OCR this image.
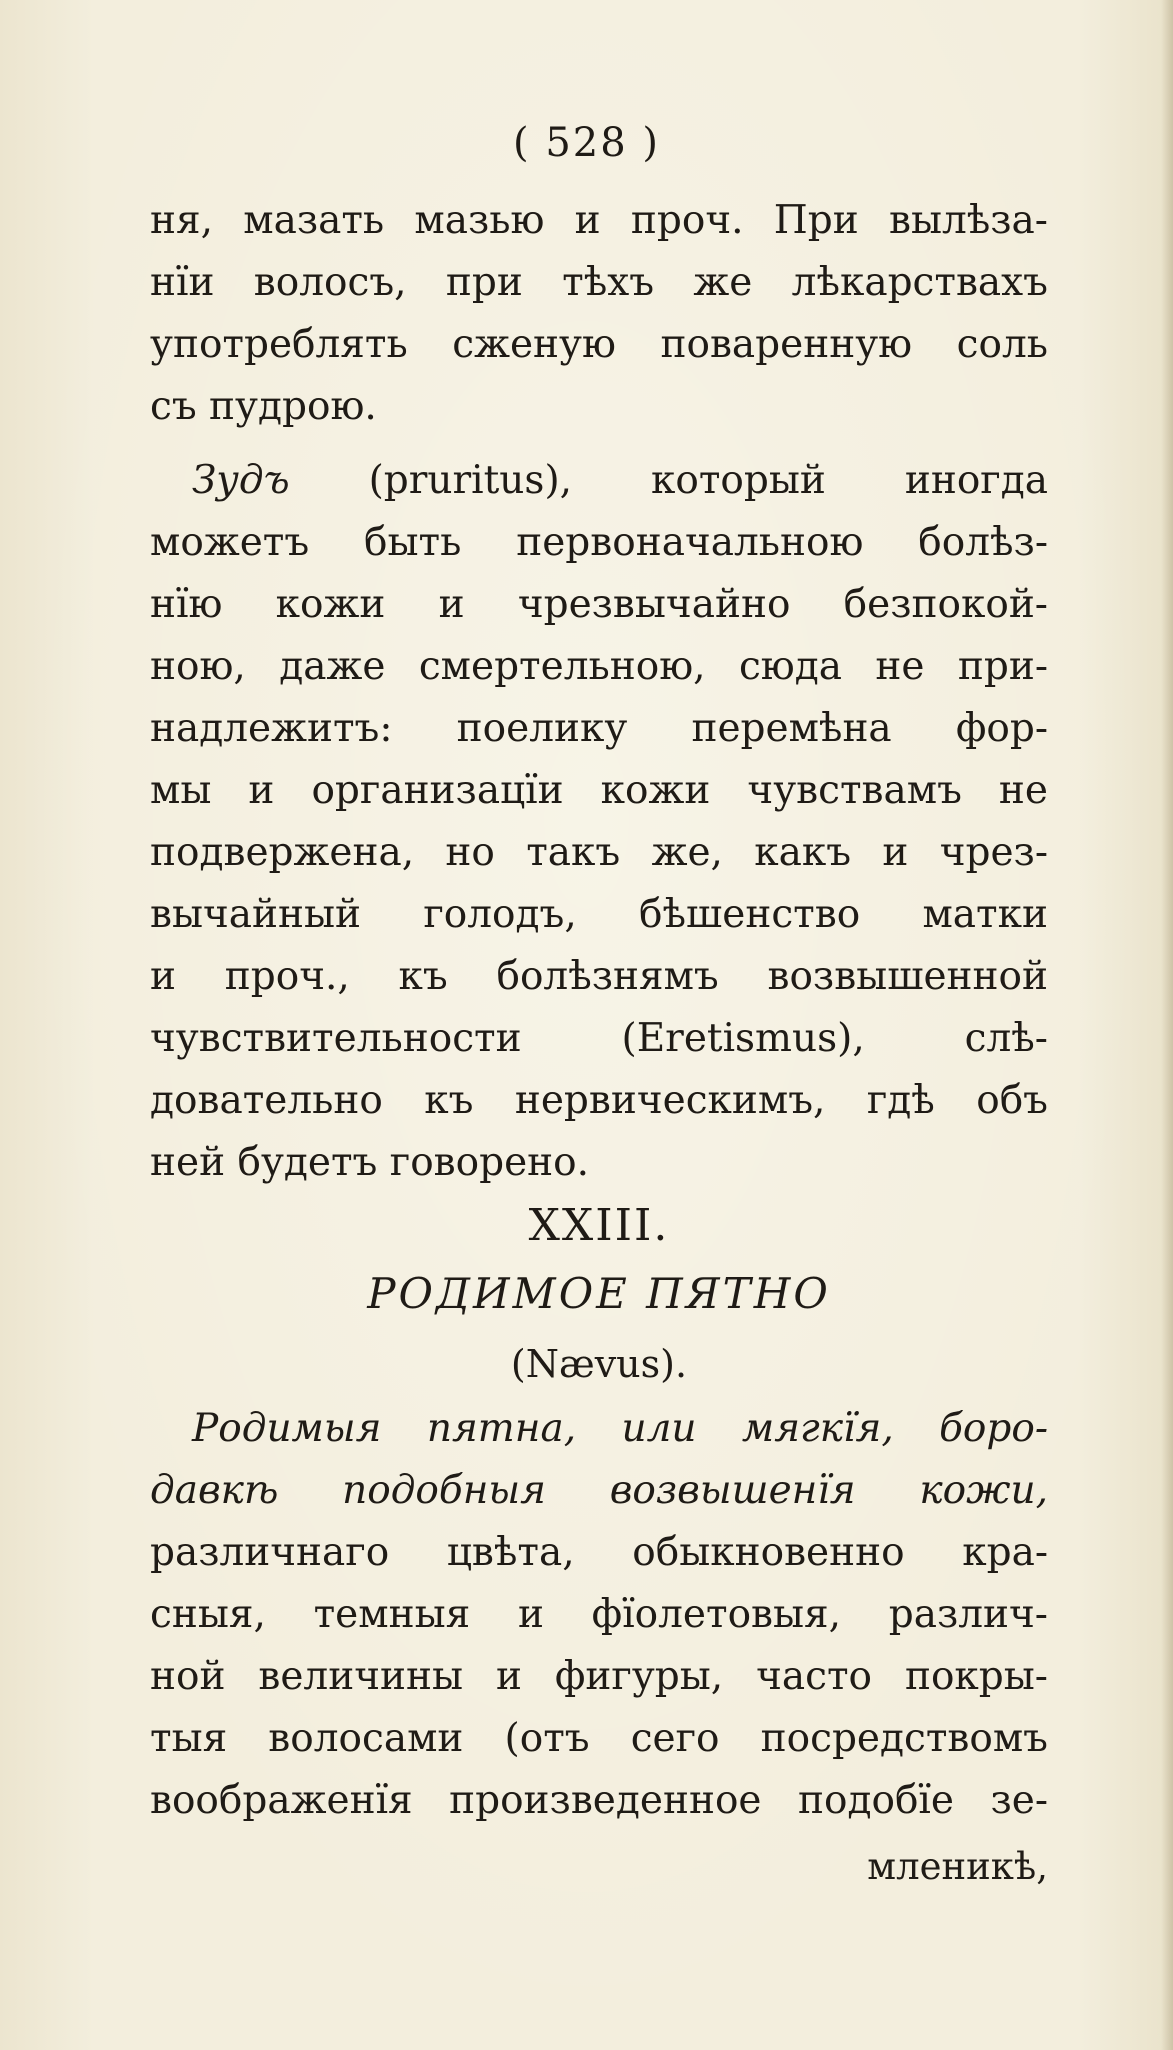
( 528 )
ня, мазать мазью и проч. При вылѣза-
нїи волосъ, при тѣхъ же лѣкарствахъ
употреблять сженую поваренную соль
съ пудрою.
Зудъ (pruritus), который иногда
можетъ быть первоначальною болѣз-
нїю кожи и чрезвычайно безпокой-
ною, даже смертельною, сюда не при-
надлежитъ: поелику перемѣна фор-
мы и организацїи кожи чувствамъ не
подвержена, но такъ же, какъ и чрез-
вычайный голодъ, бѣшенство матки
и проч., къ болѣзнямъ возвышенной
чувствительности (Eretismus), слѣ-
довательно къ нервическимъ, гдѣ объ
ней будетъ говорено.
XXIII.
РОДИМОЕ ПЯТНО
(Nævus).
Родимыя пятна, или мягкїя, боро-
давкѣ подобныя возвышенїя кожи,
различнаго цвѣта, обыкновенно кра-
сныя, темныя и фїолетовыя, различ-
ной величины и фигуры, часто покры-
тыя волосами (отъ сего посредствомъ
воображенїя произведенное подобїе зе-
мленикѣ,
